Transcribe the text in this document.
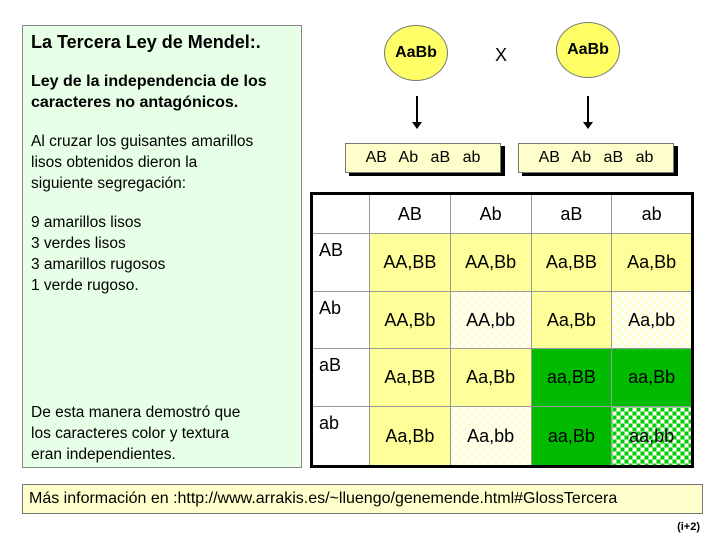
La Tercera Ley de Mendel:.
Ley de la independencia de los
caracteres no antagónicos.
Al cruzar los guisantes amarillos
lisos obtenidos dieron la
siguiente segregación:
9 amarillos lisos
3 verdes lisos
3 amarillos rugosos
1 verde rugoso.
De esta manera demostró que
los caracteres color y textura
eran independientes.
AaBb	X	AaBb
AB Ab aB ab	AB Ab aB ab
	AB	Ab	aB	ab
AB	AA,BB	AA,Bb	Aa,BB	Aa,Bb
Ab	AA,Bb	AA,bb	Aa,Bb	Aa,bb
aB	Aa,BB	Aa,Bb	aa,BB	aa,Bb
ab	Aa,Bb	Aa,bb	aa,Bb	aa,bb
Más información en :http://www.arrakis.es/~lluengo/genemende.html#GlossTercera
(i+2)
